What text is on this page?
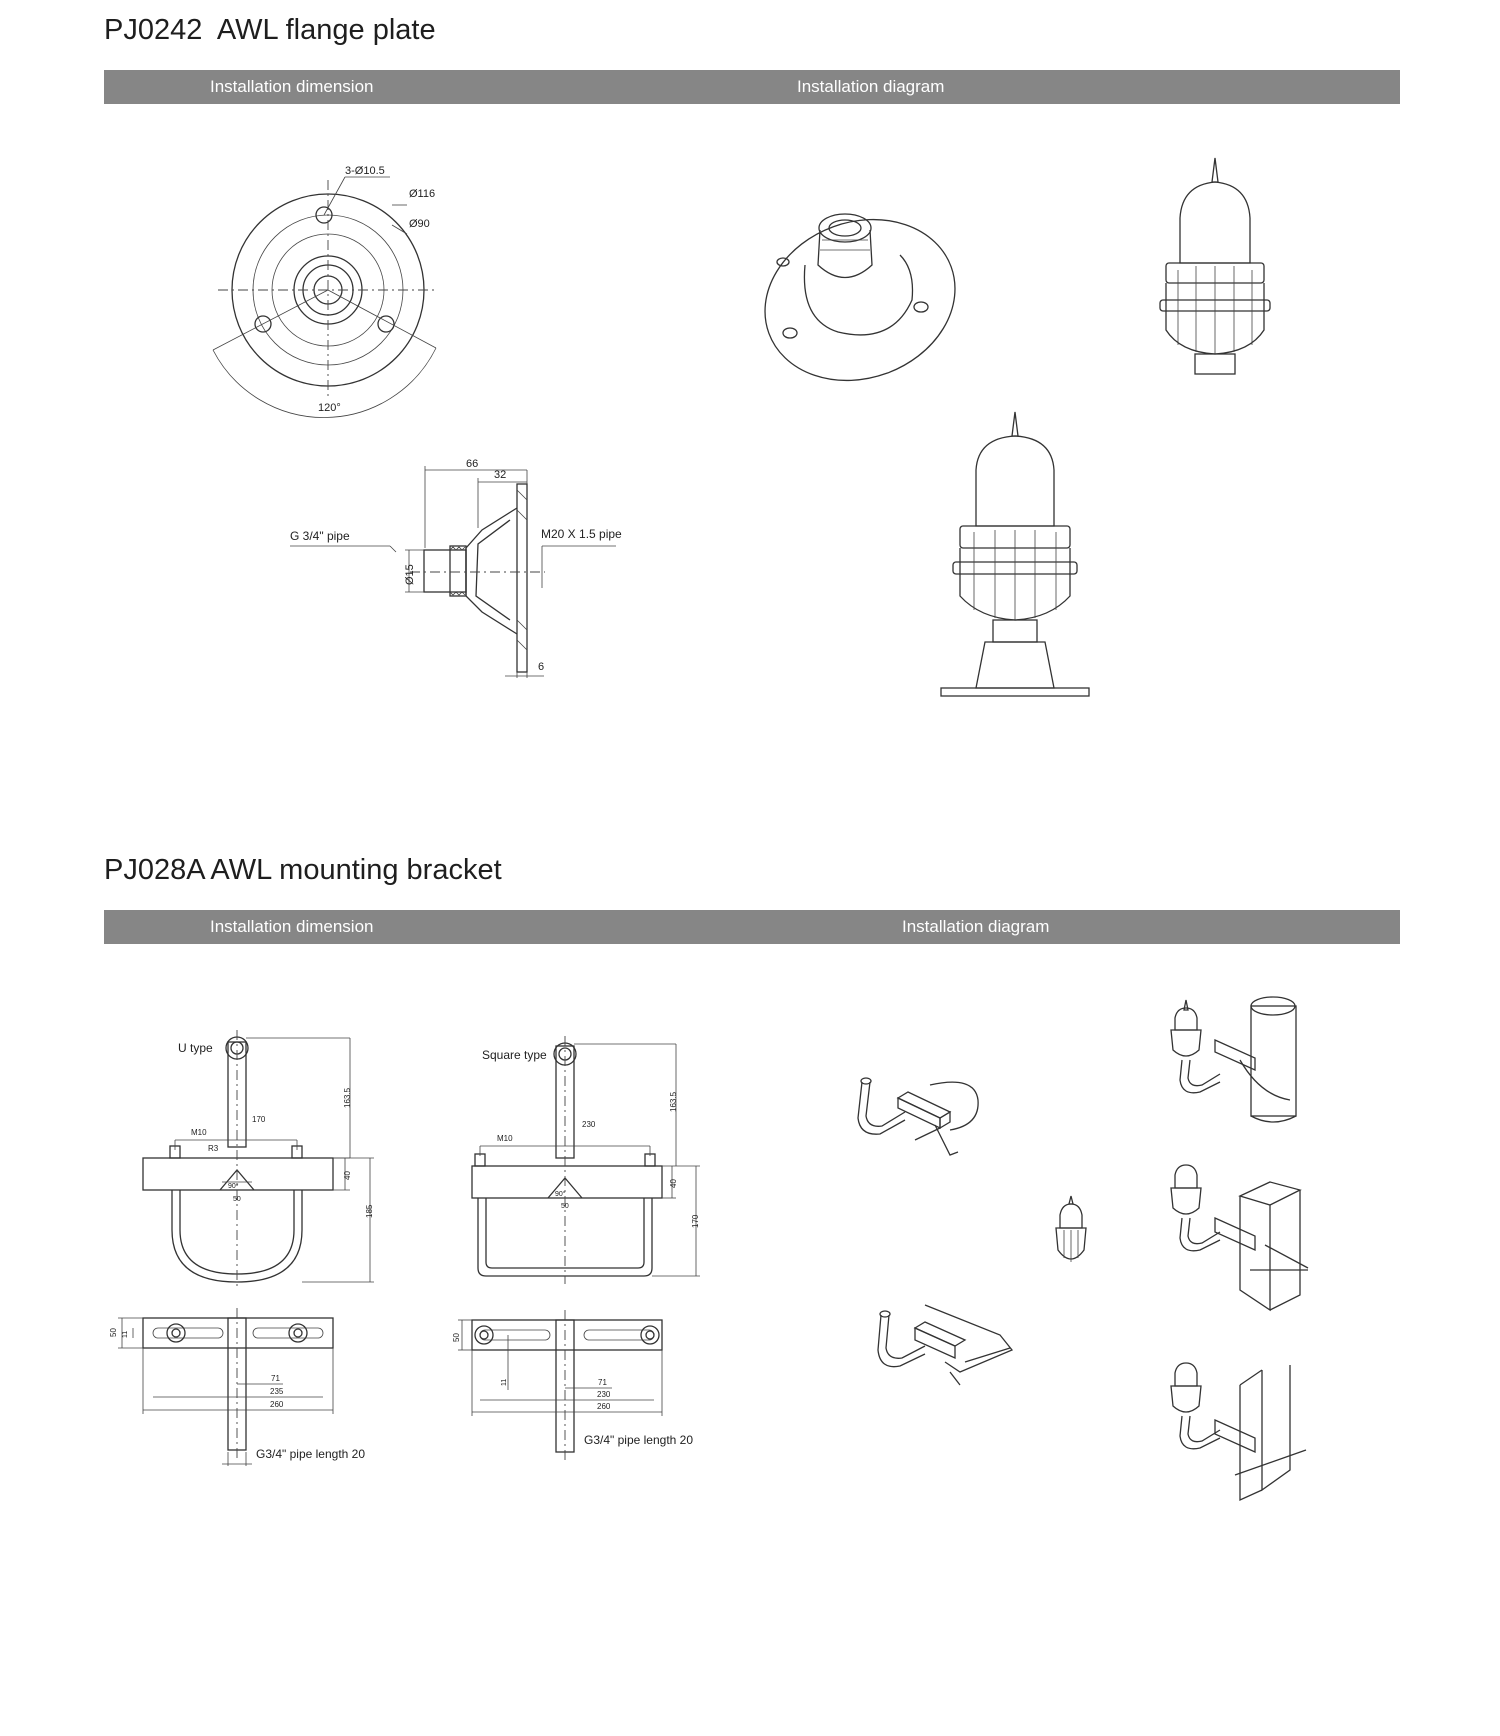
PJ0242  AWL flange plate
Installation dimension	Installation diagram
PJ028A AWL mounting bracket
Installation dimension	Installation diagram
3-Ø10.5
Ø116
Ø90
120°
66
32
G 3/4" pipe	M20 X 1.5 pipe
Ø15
6
U type
M10
R3
170
90°
50
163.5
40
185
Square type
M10
230
90°
50
163.5
40
170
50 11
71
235
260
G3/4" pipe length 20
50
11	71
230
260
G3/4" pipe length 20
